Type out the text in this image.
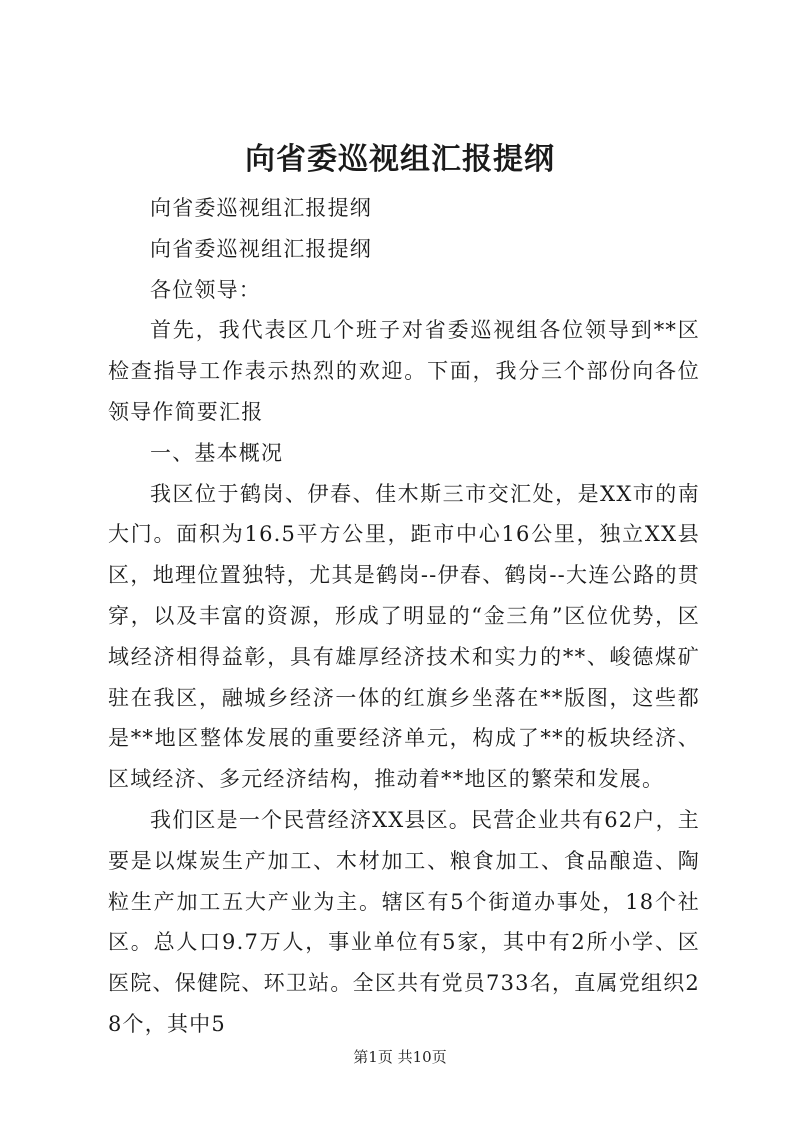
向省委巡视组汇报提纲

向省委巡视组汇报提纲

向省委巡视组汇报提纲

各位领导：

首先，我代表区几个班子对省委巡视组各位领导到**区检查指导工作表示热烈的欢迎。下面，我分三个部份向各位领导作简要汇报

一、基本概况

我区位于鹤岗、伊春、佳木斯三市交汇处，是XX市的南大门。面积为16.5平方公里，距市中心16公里，独立XX县区，地理位置独特，尤其是鹤岗--伊春、鹤岗--大连公路的贯穿，以及丰富的资源，形成了明显的“金三角”区位优势，区域经济相得益彰，具有雄厚经济技术和实力的**、峻德煤矿驻在我区，融城乡经济一体的红旗乡坐落在**版图，这些都是**地区整体发展的重要经济单元，构成了**的板块经济、区域经济、多元经济结构，推动着**地区的繁荣和发展。

我们区是一个民营经济XX县区。民营企业共有62户，主要是以煤炭生产加工、木材加工、粮食加工、食品酿造、陶粒生产加工五大产业为主。辖区有5个街道办事处，18个社区。总人口9.7万人，事业单位有5家，其中有2所小学、区医院、保健院、环卫站。全区共有党员733名，直属党组织28个，其中5

第1页 共10页
